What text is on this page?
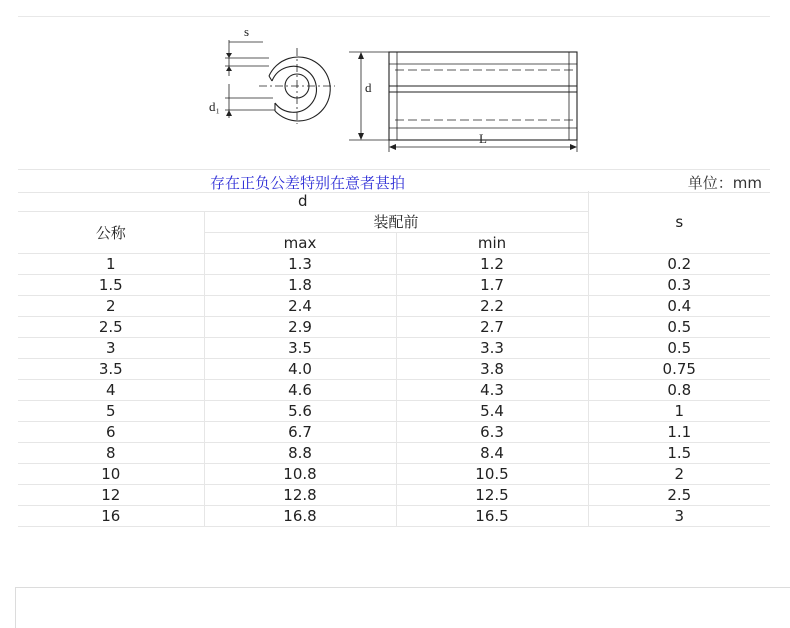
s
d₁
d
L
存在正负公差特别在意者甚拍	单位：mm
d			s
公称	装配前		
	max	min	
1	1.3	1.2	0.2
1.5	1.8	1.7	0.3
2	2.4	2.2	0.4
2.5	2.9	2.7	0.5
3	3.5	3.3	0.5
3.5	4.0	3.8	0.75
4	4.6	4.3	0.8
5	5.6	5.4	1
6	6.7	6.3	1.1
8	8.8	8.4	1.5
10	10.8	10.5	2
12	12.8	12.5	2.5
16	16.8	16.5	3
